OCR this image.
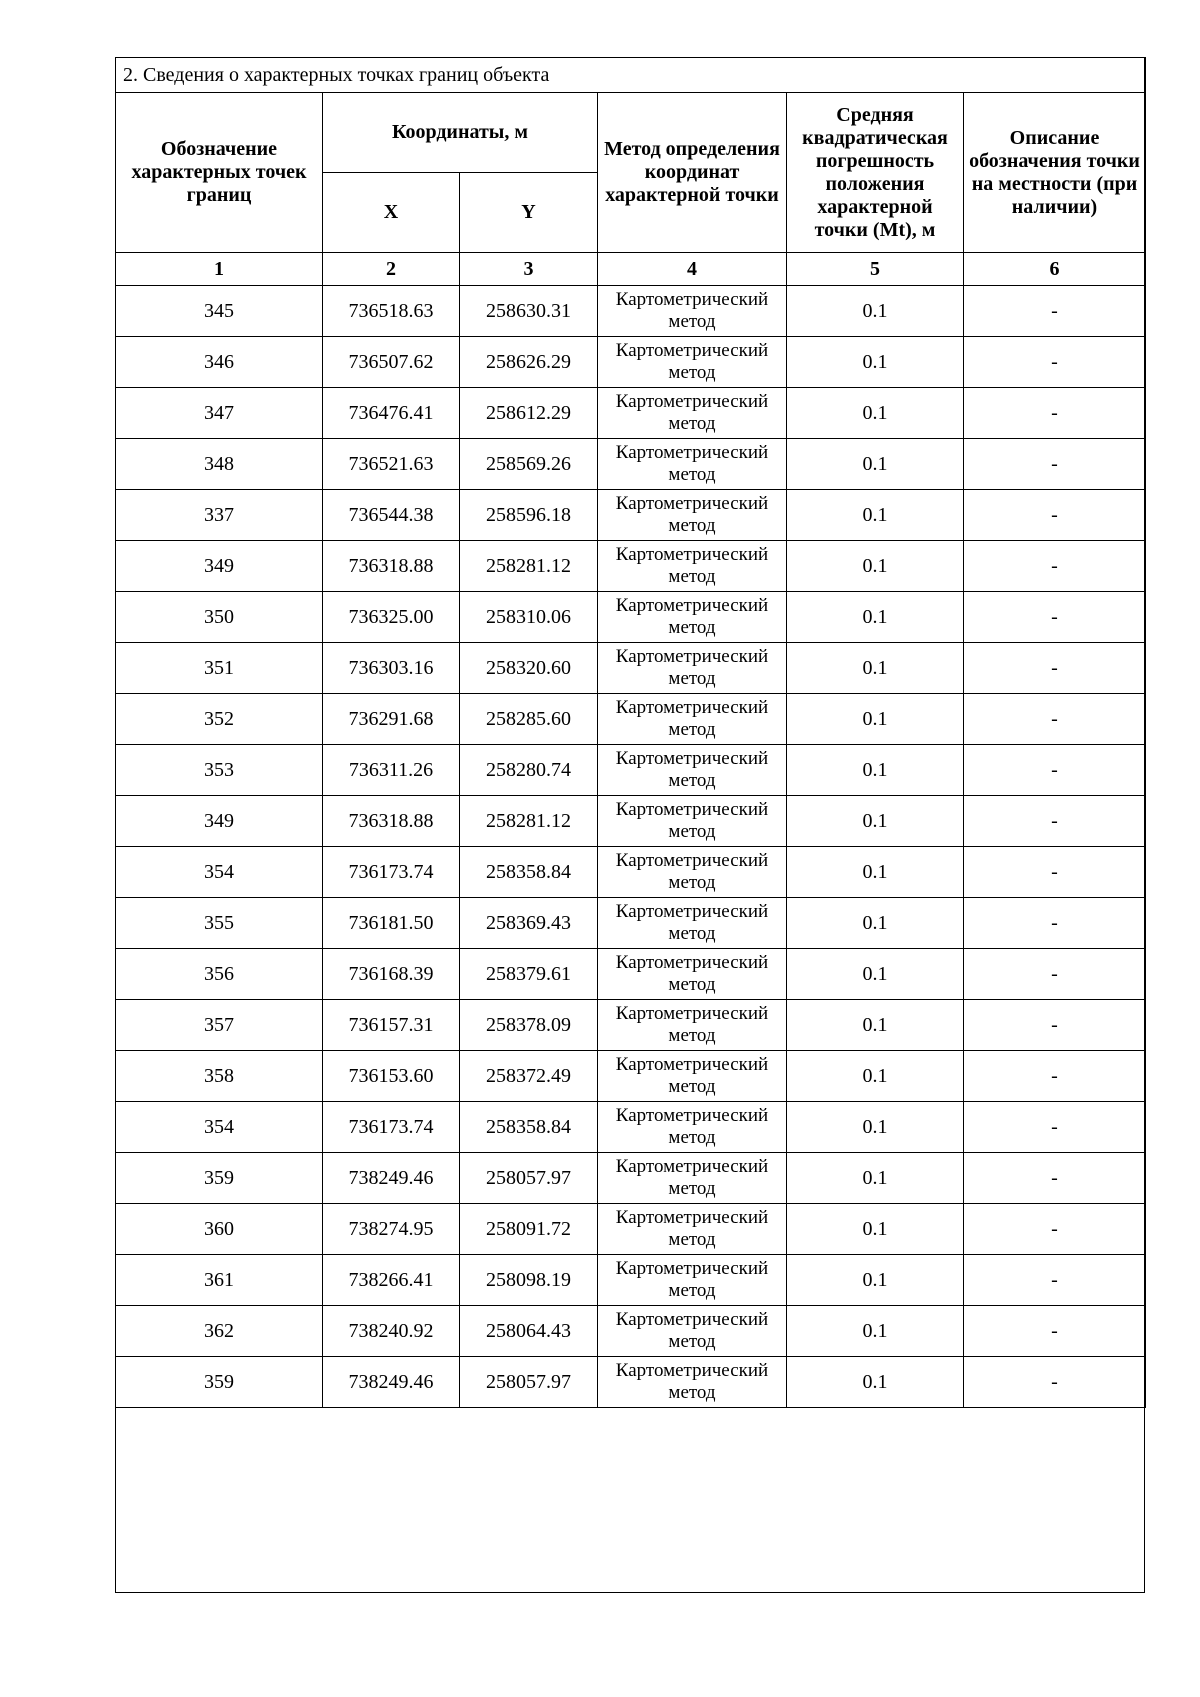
2. Сведения о характерных точках границ объекта					
Обозначение характерных точек границ	Координаты, м		Метод определения координат характерной точки	Средняя квадратическая погрешность положения характерной точки (Mt), м	Описание обозначения точки на местности (при наличии)
	X	Y			
1	2	3	4	5	6
345	736518.63	258630.31	Картометрический метод	0.1	-
346	736507.62	258626.29	Картометрический метод	0.1	-
347	736476.41	258612.29	Картометрический метод	0.1	-
348	736521.63	258569.26	Картометрический метод	0.1	-
337	736544.38	258596.18	Картометрический метод	0.1	-
349	736318.88	258281.12	Картометрический метод	0.1	-
350	736325.00	258310.06	Картометрический метод	0.1	-
351	736303.16	258320.60	Картометрический метод	0.1	-
352	736291.68	258285.60	Картометрический метод	0.1	-
353	736311.26	258280.74	Картометрический метод	0.1	-
349	736318.88	258281.12	Картометрический метод	0.1	-
354	736173.74	258358.84	Картометрический метод	0.1	-
355	736181.50	258369.43	Картометрический метод	0.1	-
356	736168.39	258379.61	Картометрический метод	0.1	-
357	736157.31	258378.09	Картометрический метод	0.1	-
358	736153.60	258372.49	Картометрический метод	0.1	-
354	736173.74	258358.84	Картометрический метод	0.1	-
359	738249.46	258057.97	Картометрический метод	0.1	-
360	738274.95	258091.72	Картометрический метод	0.1	-
361	738266.41	258098.19	Картометрический метод	0.1	-
362	738240.92	258064.43	Картометрический метод	0.1	-
359	738249.46	258057.97	Картометрический метод	0.1	-
